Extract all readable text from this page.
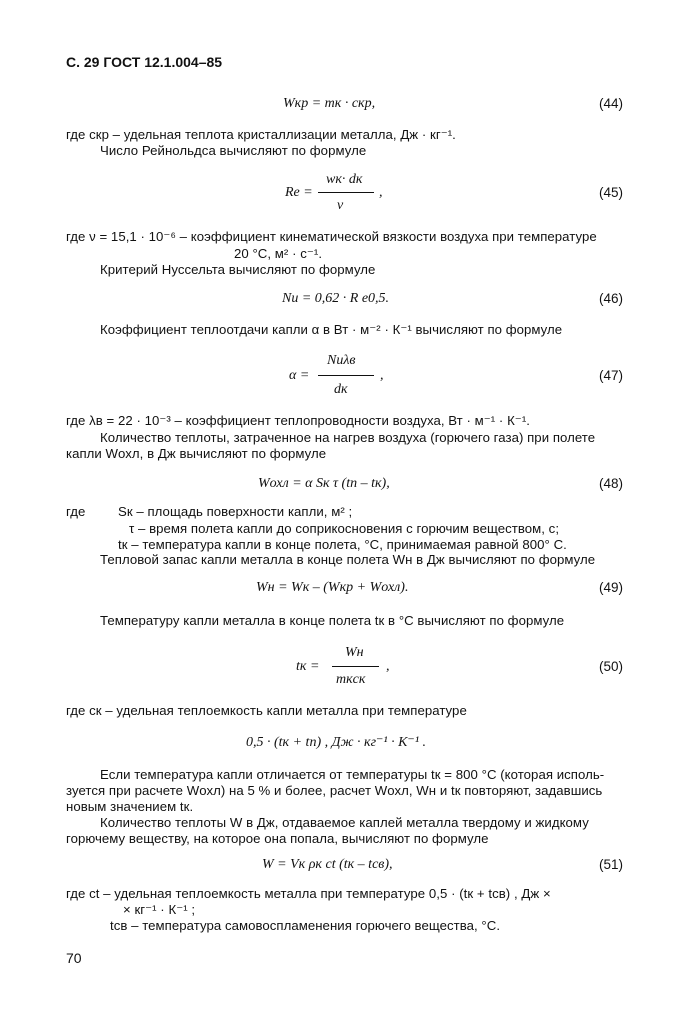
С. 29 ГОСТ 12.1.004–85
Wкр = mк · cкр,	(44)
где cкр – удельная теплота кристаллизации металла, Дж · кг⁻¹.
Число Рейнольдса вычисляют по формуле
Re =
wк· dк
ν
,	(45)
где ν = 15,1 · 10⁻⁶ – коэффициент кинематической вязкости воздуха при температуре
20 °С, м² · с⁻¹.
Критерий Нуссельта вычисляют по формуле
Nu = 0,62 · R e0,5.	(46)
Коэффициент теплоотдачи капли α в Вт · м⁻² · К⁻¹ вычисляют по формуле
α =
Nuλв
dк
,	(47)
где λв = 22 · 10⁻³ – коэффициент теплопроводности воздуха, Вт · м⁻¹ · К⁻¹.
Количество теплоты, затраченное на нагрев воздуха (горючего газа) при полете
капли Wохл, в Дж вычисляют по формуле
Wохл = α Sк τ (tп – tк),	(48)
где Sк – площадь поверхности капли, м² ;
τ – время полета капли до соприкосновения с горючим веществом, с;
tк – температура капли в конце полета, °С, принимаемая равной 800° С.
Тепловой запас капли металла в конце полета Wн в Дж вычисляют по формуле
Wн = Wк – (Wкр + Wохл).	(49)
Температуру капли металла в конце полета tк в °С вычисляют по формуле
tк =
Wн
mкcк
,	(50)
где cк – удельная теплоемкость капли металла при температуре
0,5 · (tк + tп) , Дж · кг⁻¹ · К⁻¹ .
Если температура капли отличается от температуры tк = 800 °С (которая исполь-
зуется при расчете Wохл) на 5 % и более, расчет Wохл, Wн и tк повторяют, задавшись
новым значением tк.
Количество теплоты W в Дж, отдаваемое каплей металла твердому и жидкому
горючему веществу, на которое она попала, вычисляют по формуле
W = Vк ρк ct (tк – tсв),	(51)
где ct – удельная теплоемкость металла при температуре 0,5 · (tк + tсв) , Дж ×
× кг⁻¹ · К⁻¹ ;
tсв – температура самовоспламенения горючего вещества, °С.
70
